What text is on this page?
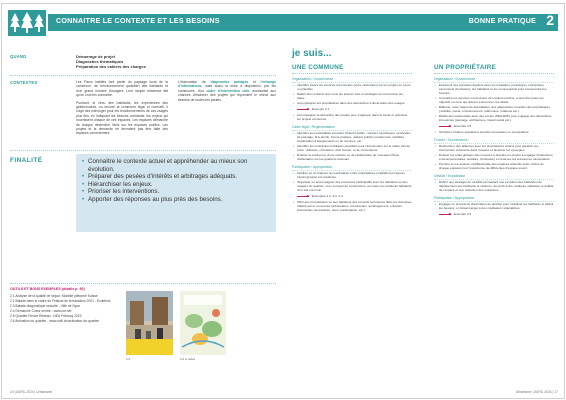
CONNAITRE LE CONTEXTE ET LES BESOINS
QUAND	Démarrage de projet
Diagnostics thématiques
Préparation des cahiers des charges
CONTEXTES	Les Parcs habités font partie du paysage local de la commune, de l'environnement quotidien des habitants et d'un grand nombre d'usagers. Leur simple existence fait qu'on croit les connaître.
Pourtant, le vécu des habitants, les expériences des gestionnaires, ou encore la commune légal et normatif, il s'agit des interroger pour les fonctionnements de ces usages plus fins, en indiquant les besoins constants, les enjeux qui nourrissent chaque de ces espaces. Les espaces démarche de chaque détermine l'avis sur les espaces publics. Les projets et la demande ne devraient pas être faite des espaces correctement.
L'élaboration de diagnostics partagés et l'échange d'informations, mais aussi la mise à disposition, par les communes, d'un cadre d'intervention clair, accessible aux chances d'élaborer des projets qui répondent le mieux aux besoins de toutes les parties.
FINALITÉ
•	Connaître le contexte actuel et appréhender au mieux son évolution.
• Préparer des pesées d'intérêts et arbitrages adéquats.
• Hiérarchiser les enjeux.
• Prioriser les interventions.
• Apporter des réponses au plus près des besoins.
OUTILS ET BONS EXEMPLES (détails p. 90)
2.1 Analyse de la qualité de séjour, Mobilité piétonne Suisse
2.2 Balade dans le cadre du Festival de la transition 2021 - Ecublens
2.3 Balade diagnostique sécurité - Ville de Nyon
2.4 Démarche Coeur centre - www.cur.net
2.5 Quartier Fleuve Réseau - NEA Fribourg 2023
2.6 Activation du quartier - www.ccdl.ch/activation-de-quartier
2.5	2.6 à valles
24 | AVRIL 2024 | Urbanisme
BONNE PRATIQUE 2
je suis...
UNE COMMUNE
Organisation / Gouvernance
• Identifier toutes les services communaux (voire cantonaux) sur les projets en cours ou planifiés.
• Établir des contacts avec tous les acteurs clés et privilégier les rencontres sur place.
• Accompagner les propriétaires dans des démarches d'observation des usages.
Exemple 2.1
• Accompagner la démarche des projets pour s'appuyer dans la fonde et optimiser les projets concernés.
Cadre légal / Réglementation
• Identifier les potentialités émanant d'intérêt public : sentiers touristiques, servitudes de passage, fil-à-plomb, bonne pratique, ateliers publics (notamment mobilité), implantation d'équipements ou de services, etc.
• Identifier les contraintes publiques possibles pour l'intervention sur le milieu foncier privé : distance, circulation, droit foncier, et de conventions.
• Évaluer la pertinence d'une révision ou de l'élaboration de nouveaux Plans d'affectation sur les quartiers recevant.
Participation / Appropriation
• Faciliter ou co-financer la coordination entre propriétaires (médiation) lorsqu'un intérêt général est manifeste.
• Organiser ou accompagner des processus participatifs avec les habitants ou des usagers du quartier, où le concept de construction, au mieux les résidents habitants d'un site commun.
Exemples 2.2, 2.3, 2.4
• Offrir aux propriétaires ou aux habitants des conseils techniques dans les domaines traitant par le concernée (arborisation, construction, aménagement, entretien, intervention temporaires, tours, participation, etc.).
UN PROPRIÉTAIRE
Organisation / Gouvernance
• Entretenir des contacts réguliers avec les locataires (concierges, entreprises, personnels d'entretien), les habitants et les commerçants pour comprendre les besoins.
• Connaître les services communaux de manière précise, à prendre toutes les objectifs ou ceux qui doivent s'annoncer. les délais.
• Élaborer, avec l'appui de spécialistes, des diagnostics complets des propriétaires (mobilité, social, environnement, patrimoine, relations etc.).
• Établir des partenariats avec des écoles (HES-EPF) pour engager des démarches innovantes (paysage, architecture, travail social etc.).
Exemple 2.5
• S'inspirer d'autres opérations proches innovantes ou exemplaires.
Foncier / Gouvernance
• Rechercher des alliances avec les propriétaires voisins pour garantir une intervention cohérente dans l'espace et favoriser les synergies.
• Évaluer les (côté globaux des mesures à prendre en projets à engager (financières, environnementales, sociales, d'entretien) et réserves les ressources nécessaires.
• Prendre à une analyse multifactorielle des espaces collectifs selon critère de chaque espaces (sur l'expérience de différentes d'espace ouvert.
Gestion / Exploitation
• Définir une stratégie de mobilité permettant une évolution des habitudes de déplacement des habitants et visiteurs, au profit d'une meilleure utilisation et qualité de l'espace et une réduction des nuisances.
Participation / Appropriation
• Engager un processus d'animation de quartier pour mobiliser les habitants et définir les besoins, en faisant appel à des médiateurs spécialistes.
Exemple 2.6
Urbanisme | AVRIL 2024 | 27
